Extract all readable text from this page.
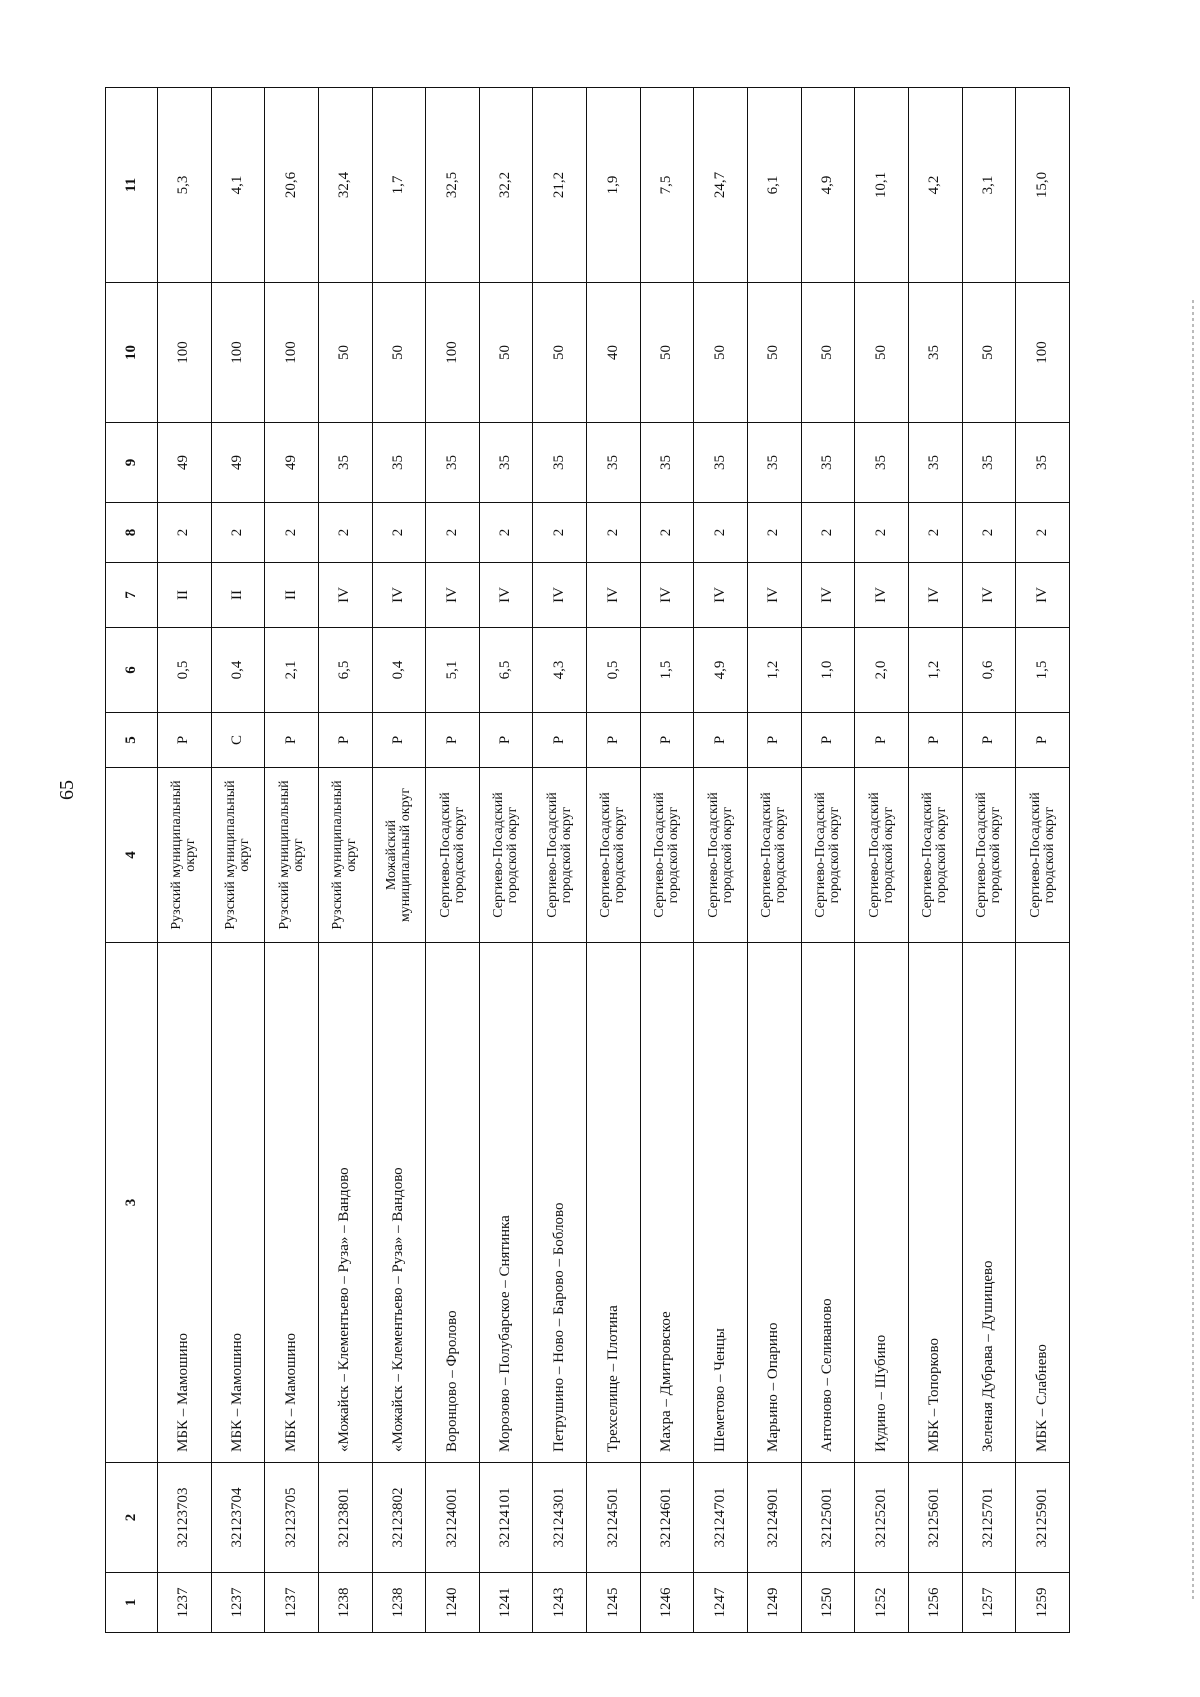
65
1	2	3	4	5	6	7	8	9	10	11
1237	32123703	МБК – Мамошино	Рузский муниципальный округ	Р	0,5	II	2	49	100	5,3
1237	32123704	МБК – Мамошино	Рузский муниципальный округ	С	0,4	II	2	49	100	4,1
1237	32123705	МБК – Мамошино	Рузский муниципальный округ	Р	2,1	II	2	49	100	20,6
1238	32123801	«Можайск – Клементьево – Руза» – Вандово	Рузский муниципальный округ	Р	6,5	IV	2	35	50	32,4
1238	32123802	«Можайск – Клементьево – Руза» – Вандово	Можайский муниципальный округ	Р	0,4	IV	2	35	50	1,7
1240	32124001	Воронцово – Фролово	Сергиево-Посадский городской округ	Р	5,1	IV	2	35	100	32,5
1241	32124101	Морозово – Полубарское – Снятинка	Сергиево-Посадский городской округ	Р	6,5	IV	2	35	50	32,2
1243	32124301	Петрушино – Ново – Барово – Боблово	Сергиево-Посадский городской округ	Р	4,3	IV	2	35	50	21,2
1245	32124501	Трехселище – Плотина	Сергиево-Посадский городской округ	Р	0,5	IV	2	35	40	1,9
1246	32124601	Махра – Дмитровское	Сергиево-Посадский городской округ	Р	1,5	IV	2	35	50	7,5
1247	32124701	Шеметово – Ченцы	Сергиево-Посадский городской округ	Р	4,9	IV	2	35	50	24,7
1249	32124901	Марьино – Опарино	Сергиево-Посадский городской округ	Р	1,2	IV	2	35	50	6,1
1250	32125001	Антоново – Селиваново	Сергиево-Посадский городской округ	Р	1,0	IV	2	35	50	4,9
1252	32125201	Иудино – Шубино	Сергиево-Посадский городской округ	Р	2,0	IV	2	35	50	10,1
1256	32125601	МБК – Топорково	Сергиево-Посадский городской округ	Р	1,2	IV	2	35	35	4,2
1257	32125701	Зеленая Дубрава – Душищево	Сергиево-Посадский городской округ	Р	0,6	IV	2	35	50	3,1
1259	32125901	МБК – Слабнево	Сергиево-Посадский городской округ	Р	1,5	IV	2	35	100	15,0
